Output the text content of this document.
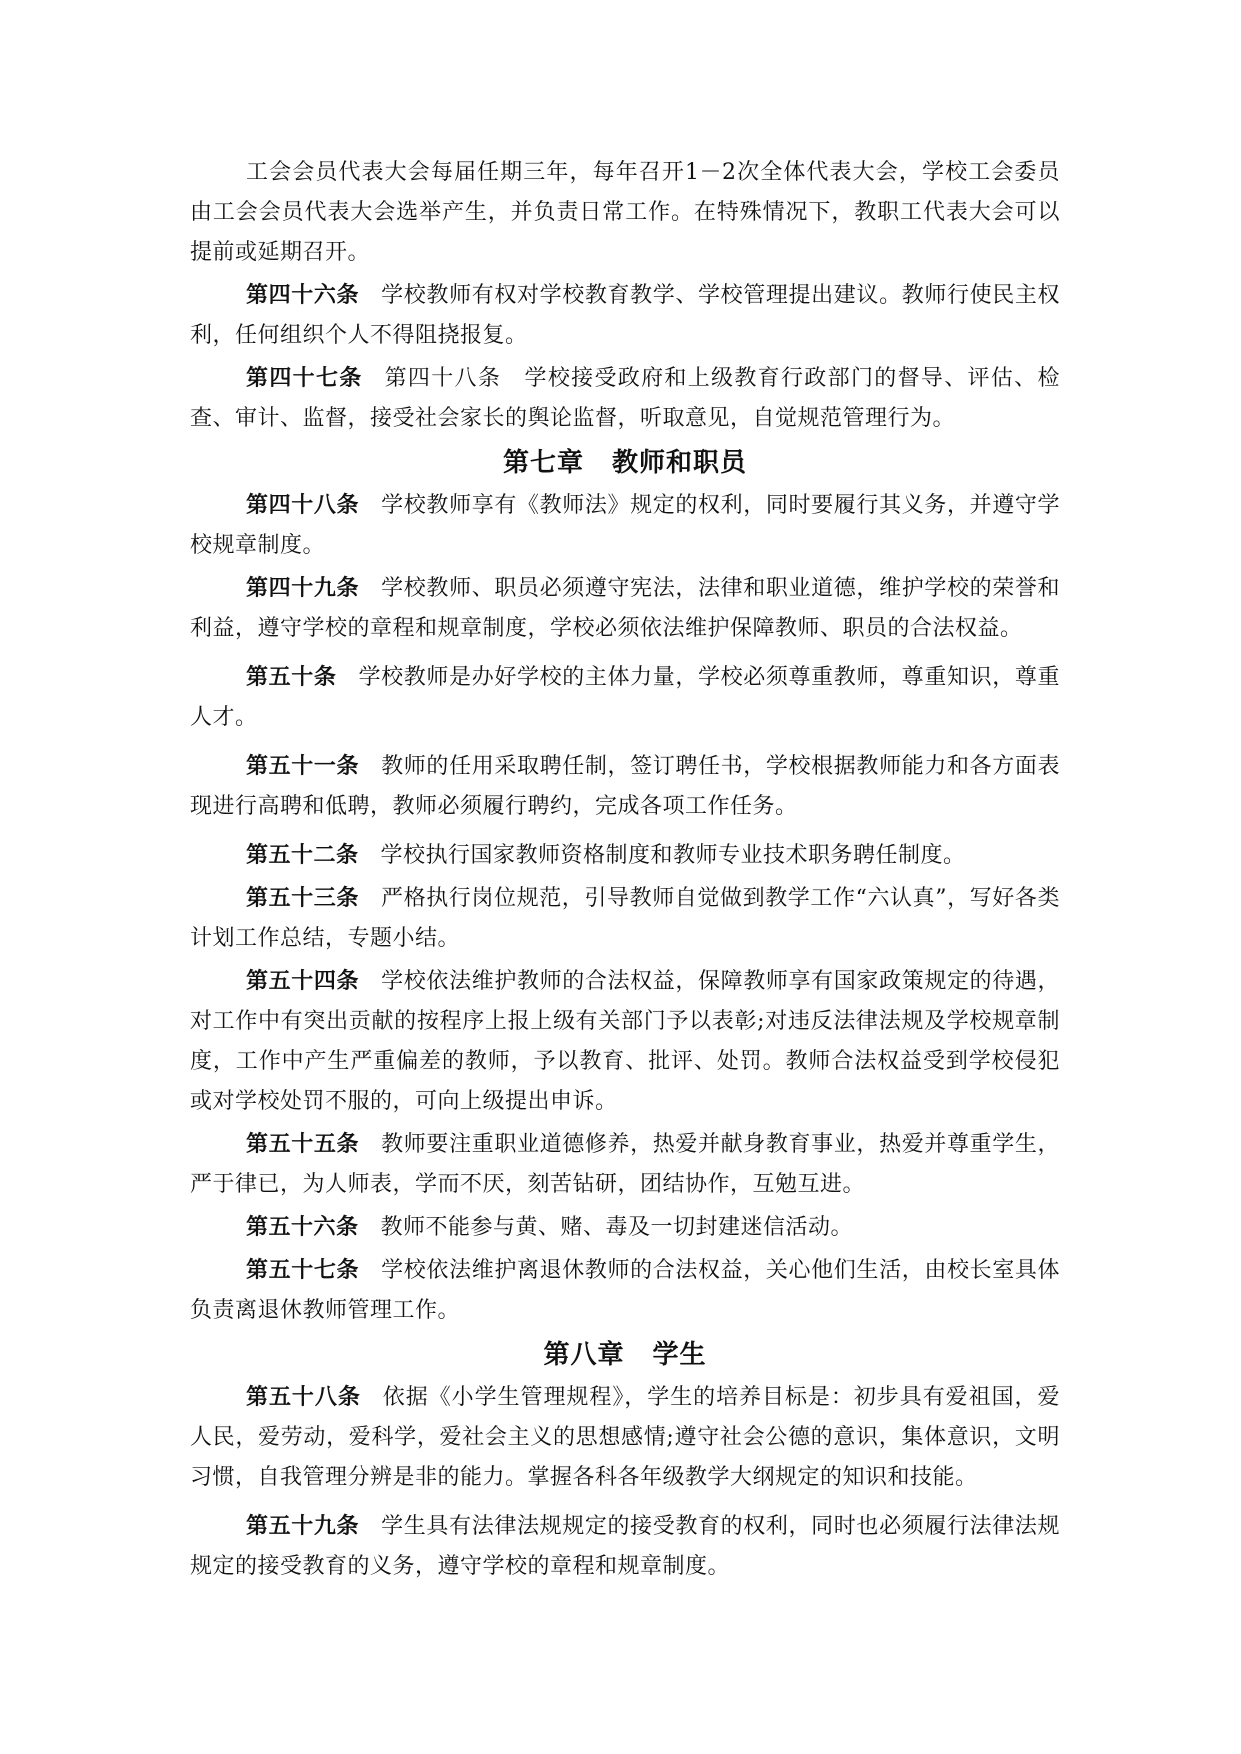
工会会员代表大会每届任期三年，每年召开1－2次全体代表大会，学校工会委员由工会会员代表大会选举产生，并负责日常工作。在特殊情况下，教职工代表大会可以提前或延期召开。

第四十六条 学校教师有权对学校教育教学、学校管理提出建议。教师行使民主权利，任何组织个人不得阻挠报复。

第四十七条 第四十八条　学校接受政府和上级教育行政部门的督导、评估、检查、审计、监督，接受社会家长的舆论监督，听取意见，自觉规范管理行为。

第七章 教师和职员

第四十八条 学校教师享有《教师法》规定的权利，同时要履行其义务，并遵守学校规章制度。

第四十九条 学校教师、职员必须遵守宪法，法律和职业道德，维护学校的荣誉和利益，遵守学校的章程和规章制度，学校必须依法维护保障教师、职员的合法权益。

第五十条 学校教师是办好学校的主体力量，学校必须尊重教师，尊重知识，尊重人才。

第五十一条 教师的任用采取聘任制，签订聘任书，学校根据教师能力和各方面表现进行高聘和低聘，教师必须履行聘约，完成各项工作任务。

第五十二条 学校执行国家教师资格制度和教师专业技术职务聘任制度。

第五十三条 严格执行岗位规范，引导教师自觉做到教学工作“六认真”，写好各类计划工作总结，专题小结。

第五十四条 学校依法维护教师的合法权益，保障教师享有国家政策规定的待遇，对工作中有突出贡献的按程序上报上级有关部门予以表彰;对违反法律法规及学校规章制度，工作中产生严重偏差的教师，予以教育、批评、处罚。教师合法权益受到学校侵犯或对学校处罚不服的，可向上级提出申诉。

第五十五条 教师要注重职业道德修养，热爱并献身教育事业，热爱并尊重学生，严于律已，为人师表，学而不厌，刻苦钻研，团结协作，互勉互进。

第五十六条 教师不能参与黄、赌、毒及一切封建迷信活动。

第五十七条 学校依法维护离退休教师的合法权益，关心他们生活，由校长室具体负责离退休教师管理工作。

第八章 学生

第五十八条 依据《小学生管理规程》，学生的培养目标是：初步具有爱祖国，爱人民，爱劳动，爱科学，爱社会主义的思想感情;遵守社会公德的意识，集体意识，文明习惯，自我管理分辨是非的能力。掌握各科各年级教学大纲规定的知识和技能。

第五十九条 学生具有法律法规规定的接受教育的权利，同时也必须履行法律法规规定的接受教育的义务，遵守学校的章程和规章制度。
